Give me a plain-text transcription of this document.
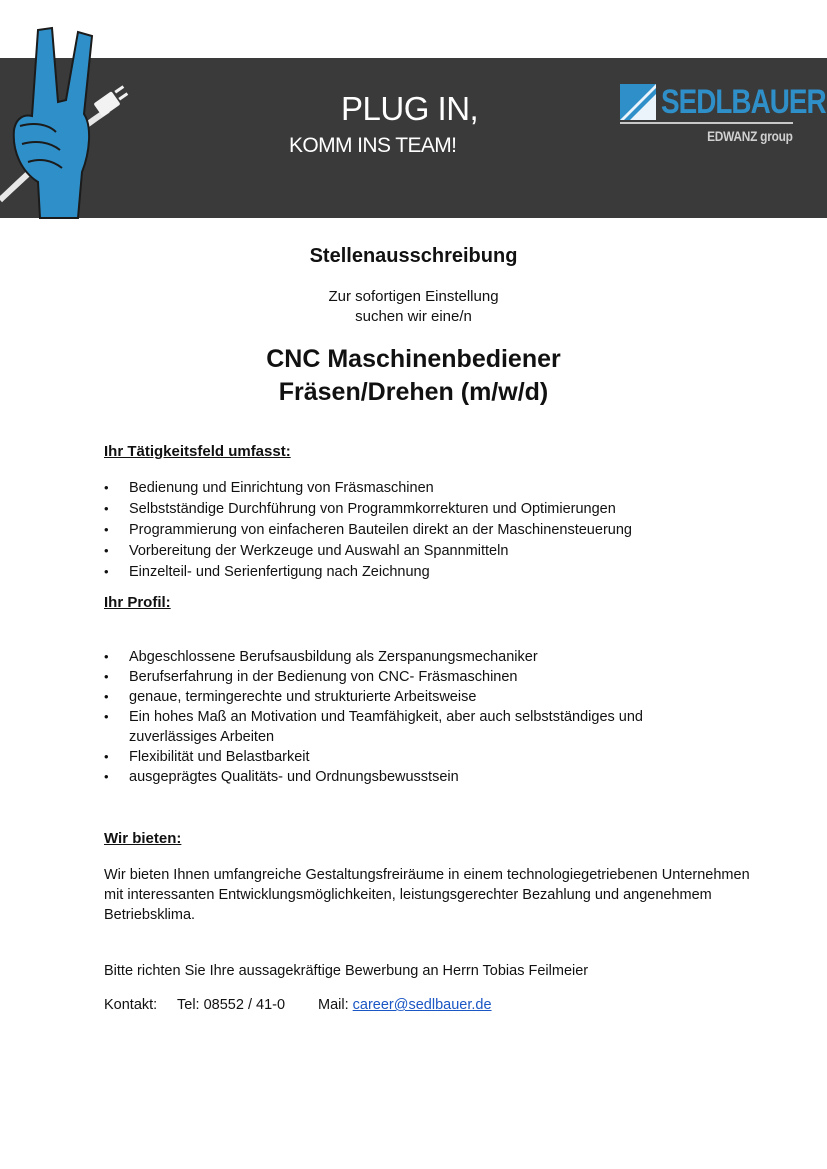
PLUG IN,
KOMM INS TEAM!
SEDLBAUER
EDWANZ group
Stellenausschreibung
Zur sofortigen Einstellung
suchen wir eine/n
CNC Maschinenbediener
Fräsen/Drehen (m/w/d)
Ihr Tätigkeitsfeld umfasst:
• Bedienung und Einrichtung von Fräsmaschinen
• Selbstständige Durchführung von Programmkorrekturen und Optimierungen
• Programmierung von einfacheren Bauteilen direkt an der Maschinensteuerung
• Vorbereitung der Werkzeuge und Auswahl an Spannmitteln
• Einzelteil- und Serienfertigung nach Zeichnung
Ihr Profil:
• Abgeschlossene Berufsausbildung als Zerspanungsmechaniker
• Berufserfahrung in der Bedienung von CNC- Fräsmaschinen
• genaue, termingerechte und strukturierte Arbeitsweise
• Ein hohes Maß an Motivation und Teamfähigkeit, aber auch selbstständiges und zuverlässiges Arbeiten
• Flexibilität und Belastbarkeit
• ausgeprägtes Qualitäts- und Ordnungsbewusstsein
Wir bieten:
Wir bieten Ihnen umfangreiche Gestaltungsfreiräume in einem technologiegetriebenen Unternehmen mit interessanten Entwicklungsmöglichkeiten, leistungsgerechter Bezahlung und angenehmem Betriebsklima.
Bitte richten Sie Ihre aussagekräftige Bewerbung an Herrn Tobias Feilmeier
Kontakt: Tel: 08552 / 41-0 Mail: career@sedlbauer.de
